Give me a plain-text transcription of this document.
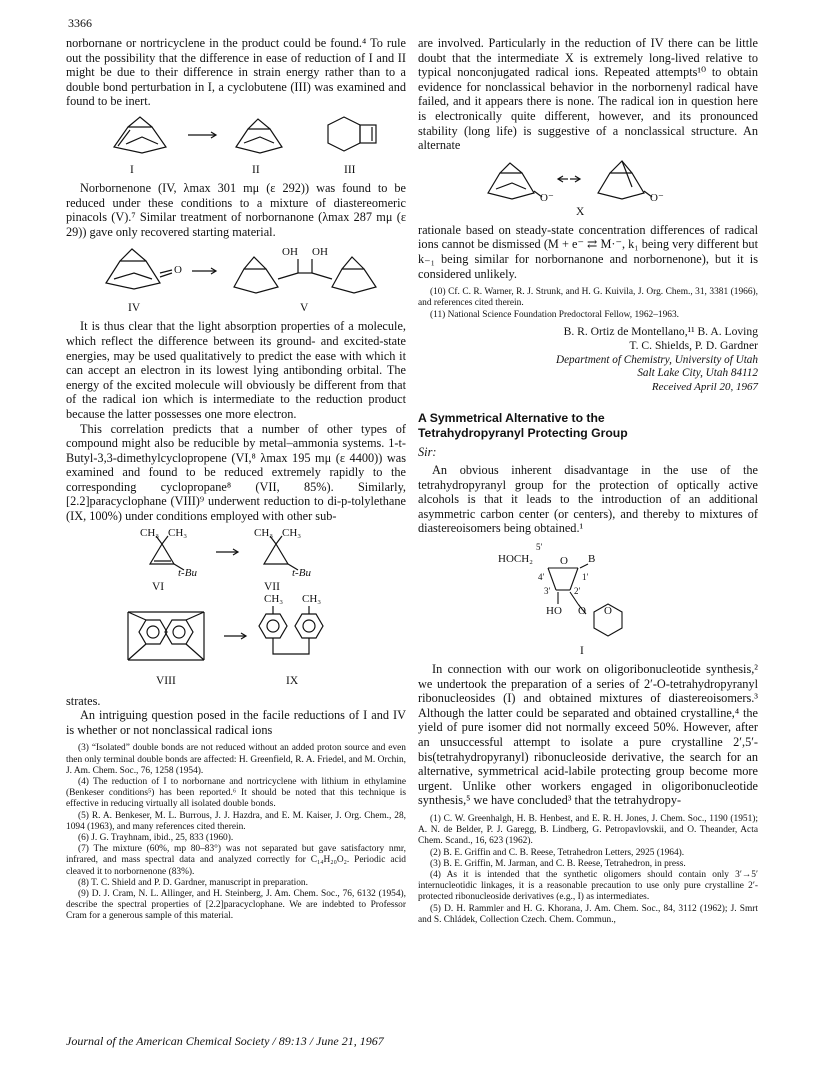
3366

norbornane or nortricyclene in the product could be found.⁴ To rule out the possibility that the difference in ease of reduction of I and II might be due to their difference in strain energy rather than to a double bond perturbation in I, a cyclobutene (III) was examined and found to be inert.

I	II	III

Norbornenone (IV, λmax 301 mμ (ε 292)) was found to be reduced under these conditions to a mixture of diastereomeric pinacols (V).⁷ Similar treatment of norbornanone (λmax 287 mμ (ε 29)) gave only recovered starting material.

O
OH OH
IV	V

It is thus clear that the light absorption properties of a molecule, which reflect the difference between its ground- and excited-state energies, may be used qualitatively to predict the ease with which it can accept an electron in its lowest lying antibonding orbital. The energy of the excited molecule will obviously be different from that of the radical ion which is intermediate to the reduction product because the latter possesses one more electron.

This correlation predicts that a number of other types of compound might also be reducible by metal–ammonia systems. 1-t-Butyl-3,3-dimethylcyclopropene (VI,⁸ λmax 195 mμ (ε 4400)) was examined and found to be reduced extremely rapidly to the corresponding cyclopropane⁸ (VII, 85%). Similarly, [2.2]paracyclophane (VIII)⁹ underwent reduction to di-p-tolylethane (IX, 100%) under conditions employed with other sub-

CH₃ CH₃	CH₃ CH₃
t-Bu	t-Bu
VI	VII
CH₃ CH₃
VIII	IX

strates.

An intriguing question posed in the facile reductions of I and IV is whether or not nonclassical radical ions

(3) “Isolated” double bonds are not reduced without an added proton source and even then only terminal double bonds are affected: H. Greenfield, R. A. Friedel, and M. Orchin, J. Am. Chem. Soc., 76, 1258 (1954).

(4) The reduction of I to norbornane and nortricyclene with lithium in ethylamine (Benkeser conditions⁵) has been reported.⁶ It should be noted that this technique is effective in reducing virtually all isolated double bonds.

(5) R. A. Benkeser, M. L. Burrous, J. J. Hazdra, and E. M. Kaiser, J. Org. Chem., 28, 1094 (1963), and many references cited therein.

(6) J. G. Trayhnam, ibid., 25, 833 (1960).

(7) The mixture (60%, mp 80–83°) was not separated but gave satisfactory nmr, infrared, and mass spectral data and analyzed correctly for C₁₄H₂₀O₂. Periodic acid cleaved it to norbornenone (83%).

(8) T. C. Shield and P. D. Gardner, manuscript in preparation.

(9) D. J. Cram, N. L. Allinger, and H. Steinberg, J. Am. Chem. Soc., 76, 6132 (1954), describe the spectral properties of [2.2]paracyclophane. We are indebted to Professor Cram for a generous sample of this material.

are involved. Particularly in the reduction of IV there can be little doubt that the intermediate X is extremely long-lived relative to typical nonconjugated radical ions. Repeated attempts¹⁰ to obtain evidence for nonclassical behavior in the norbornenyl radical have failed, and it appears there is none. The radical ion in question here is electronically quite different, however, and its pronounced stability (long life) is suggestive of a nonclassical structure. An alternate

O⁻	O⁻
X

rationale based on steady-state concentration differences of radical ions cannot be dismissed (M + e⁻ ⇄ M·⁻, k₁ being very different but k₋₁ being similar for norbornanone and norbornenone), but it is considered unlikely.

(10) Cf. C. R. Warner, R. J. Strunk, and H. G. Kuivila, J. Org. Chem., 31, 3381 (1966), and references cited therein.

(11) National Science Foundation Predoctoral Fellow, 1962–1963.

B. R. Ortiz de Montellano,¹¹ B. A. Loving
T. C. Shields, P. D. Gardner
Department of Chemistry, University of Utah
Salt Lake City, Utah 84112
Received April 20, 1967
A Symmetrical Alternative to the
Tetrahydropyranyl Protecting Group
Sir:

An obvious inherent disadvantage in the use of the tetrahydropyranyl group for the protection of optically active alcohols is that it leads to the introduction of an additional asymmetric carbon center (or centers), and thereby to mixtures of diastereoisomers being obtained.¹

5′
HOCH₂ O B
4′	1′
3′	2′
HO O O
I

In connection with our work on oligoribonucleotide synthesis,² we undertook the preparation of a series of 2′-O-tetrahydropyranyl ribonucleosides (I) and obtained mixtures of diastereoisomers.³ Although the latter could be separated and obtained crystalline,⁴ the yield of pure isomer did not normally exceed 50%. However, after an unsuccessful attempt to isolate a pure crystalline 2′,5′-bis(tetrahydropyranyl) ribonucleoside derivative, the search for an alternative, symmetrical acid-labile protecting group become more urgent. Unlike other workers engaged in oligoribonucleotide synthesis,⁵ we have concluded³ that the tetrahydropy-

(1) C. W. Greenhalgh, H. B. Henbest, and E. R. H. Jones, J. Chem. Soc., 1190 (1951); A. N. de Belder, P. J. Garegg, B. Lindberg, G. Petropavlovskii, and O. Theander, Acta Chem. Scand., 16, 623 (1962).

(2) B. E. Griffin and C. B. Reese, Tetrahedron Letters, 2925 (1964).

(3) B. E. Griffin, M. Jarman, and C. B. Reese, Tetrahedron, in press.

(4) As it is intended that the synthetic oligomers should contain only 3′→5′ internucleotidic linkages, it is a reasonable precaution to use only pure crystalline 2′-protected ribonucleoside derivatives (e.g., I) as intermediates.

(5) D. H. Rammler and H. G. Khorana, J. Am. Chem. Soc., 84, 3112 (1962); J. Smrt and S. Chládek, Collection Czech. Chem. Commun.,

Journal of the American Chemical Society / 89:13 / June 21, 1967
